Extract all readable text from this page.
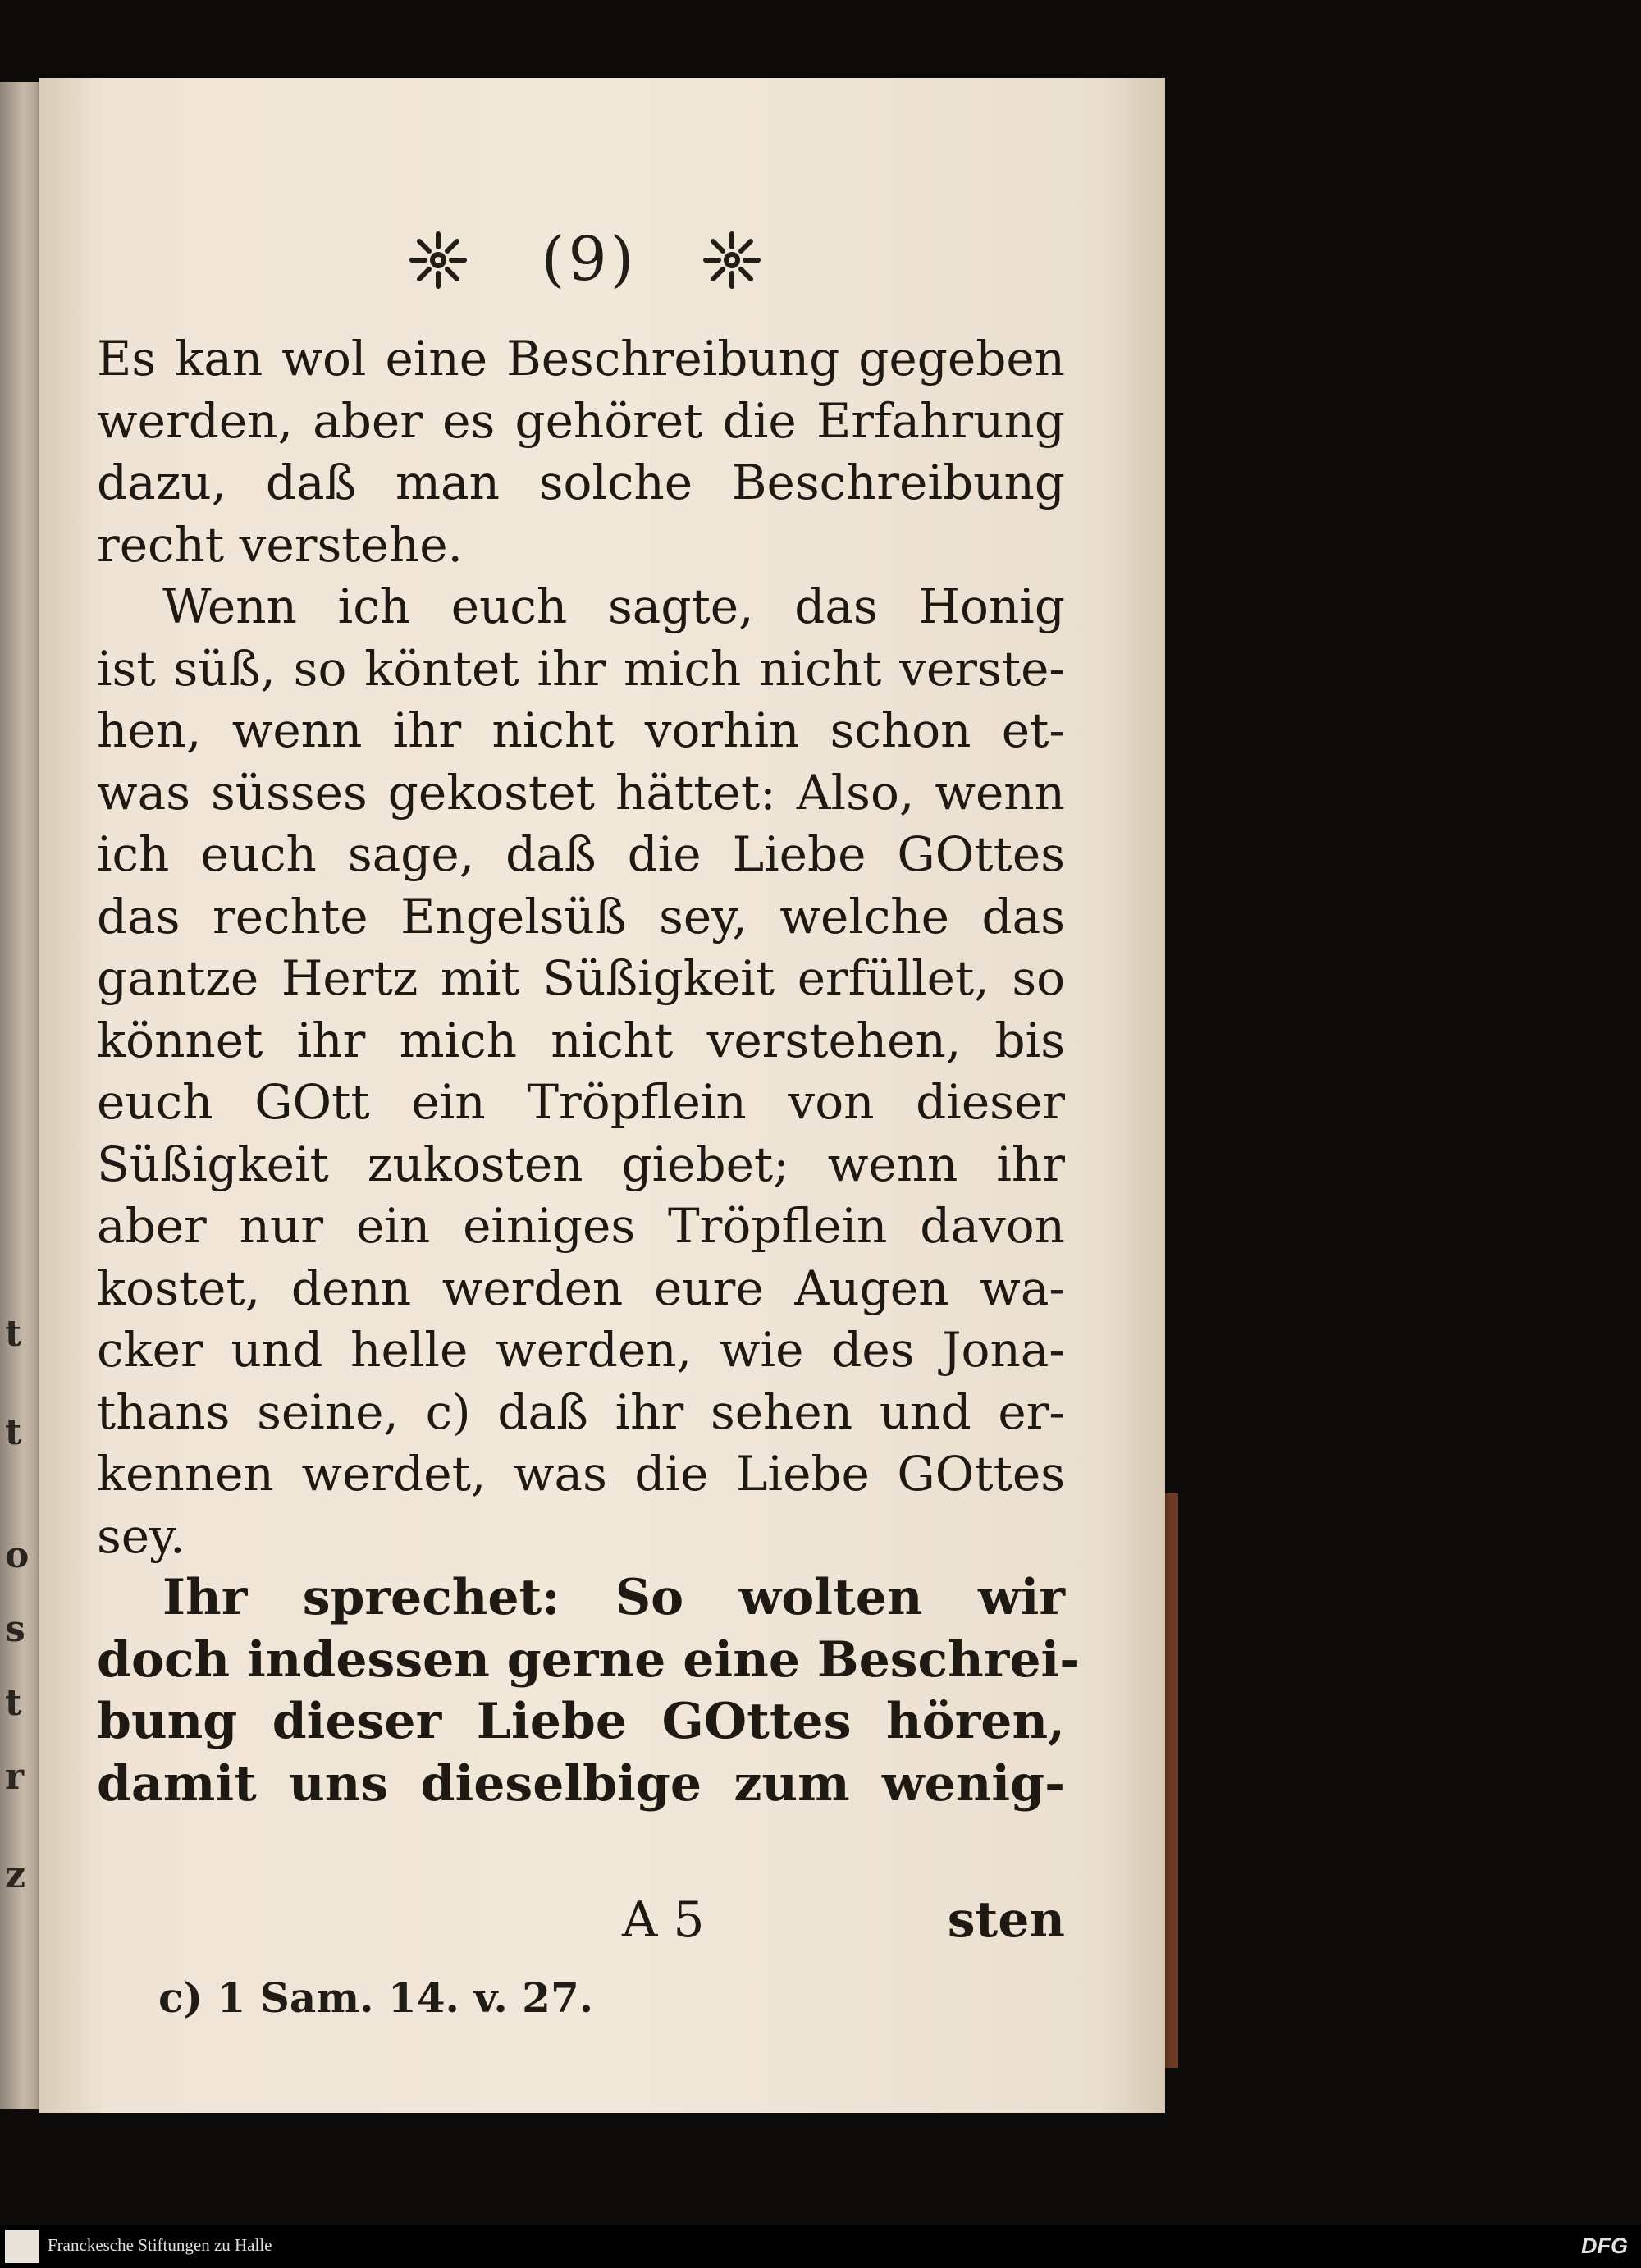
t
t
o
s
t
r
z
(9)
Es kan wol eine Beschreibung gegeben
werden, aber es gehöret die Erfahrung
dazu, daß man solche Beschreibung
recht verstehe.
Wenn ich euch sagte, das Honig
ist süß, so köntet ihr mich nicht verste-
hen, wenn ihr nicht vorhin schon et-
was süsses gekostet hättet: Also, wenn
ich euch sage, daß die Liebe GOttes
das rechte Engelsüß sey, welche das
gantze Hertz mit Süßigkeit erfüllet, so
könnet ihr mich nicht verstehen, bis
euch GOtt ein Tröpflein von dieser
Süßigkeit zukosten giebet; wenn ihr
aber nur ein einiges Tröpflein davon
kostet, denn werden eure Augen wa-
cker und helle werden, wie des Jona-
thans seine, c) daß ihr sehen und er-
kennen werdet, was die Liebe GOttes
sey.
Ihr sprechet: So wolten wir
doch indessen gerne eine Beschrei-
bung dieser Liebe GOttes hören,
damit uns dieselbige zum wenig-
A 5	sten
c) 1 Sam. 14. v. 27.
Franckesche Stiftungen zu Halle	DFG
